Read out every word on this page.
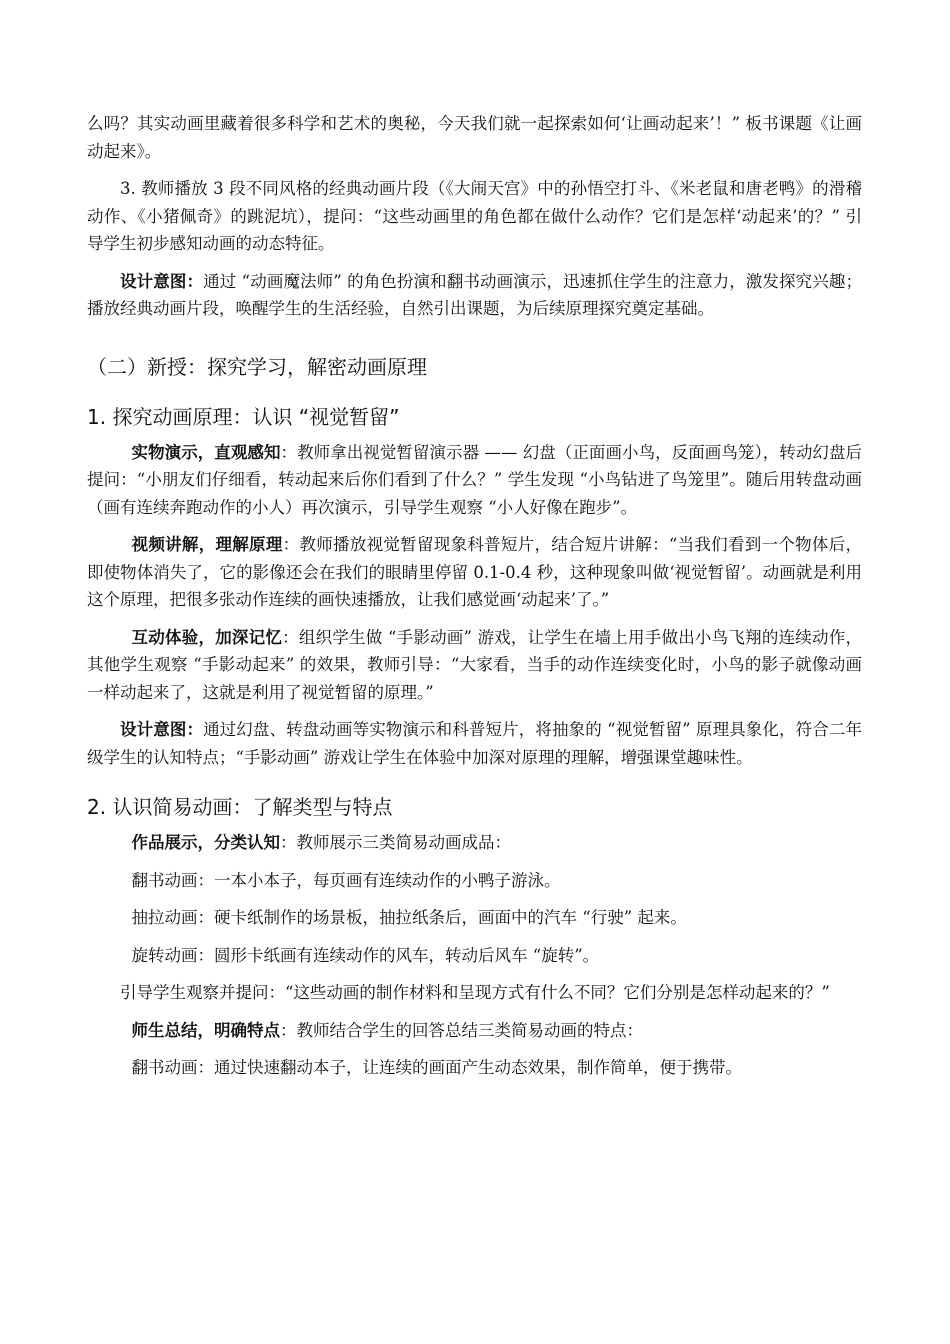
么吗？其实动画里藏着很多科学和艺术的奥秘，今天我们就一起探索如何‘让画动起来’！” 板书课题《让画动起来》。

3. 教师播放 3 段不同风格的经典动画片段（《大闹天宫》中的孙悟空打斗、《米老鼠和唐老鸭》的滑稽动作、《小猪佩奇》的跳泥坑），提问：“这些动画里的角色都在做什么动作？它们是怎样‘动起来’的？” 引导学生初步感知动画的动态特征。

设计意图：通过 “动画魔法师” 的角色扮演和翻书动画演示，迅速抓住学生的注意力，激发探究兴趣；播放经典动画片段，唤醒学生的生活经验，自然引出课题，为后续原理探究奠定基础。

（二）新授：探究学习，解密动画原理
1. 探究动画原理：认识 “视觉暂留”

实物演示，直观感知：教师拿出视觉暂留演示器 —— 幻盘（正面画小鸟，反面画鸟笼），转动幻盘后提问：“小朋友们仔细看，转动起来后你们看到了什么？” 学生发现 “小鸟钻进了鸟笼里”。随后用转盘动画（画有连续奔跑动作的小人）再次演示，引导学生观察 “小人好像在跑步”。

视频讲解，理解原理：教师播放视觉暂留现象科普短片，结合短片讲解：“当我们看到一个物体后，即使物体消失了，它的影像还会在我们的眼睛里停留 0.1-0.4 秒，这种现象叫做‘视觉暂留’。动画就是利用这个原理，把很多张动作连续的画快速播放，让我们感觉画‘动起来’了。”

互动体验，加深记忆：组织学生做 “手影动画” 游戏，让学生在墙上用手做出小鸟飞翔的连续动作，其他学生观察 “手影动起来” 的效果，教师引导：“大家看，当手的动作连续变化时，小鸟的影子就像动画一样动起来了，这就是利用了视觉暂留的原理。”

设计意图：通过幻盘、转盘动画等实物演示和科普短片，将抽象的 “视觉暂留” 原理具象化，符合二年级学生的认知特点；“手影动画” 游戏让学生在体验中加深对原理的理解，增强课堂趣味性。

2. 认识简易动画：了解类型与特点

作品展示，分类认知：教师展示三类简易动画成品：

翻书动画：一本小本子，每页画有连续动作的小鸭子游泳。

抽拉动画：硬卡纸制作的场景板，抽拉纸条后，画面中的汽车 “行驶” 起来。

旋转动画：圆形卡纸画有连续动作的风车，转动后风车 “旋转”。

引导学生观察并提问：“这些动画的制作材料和呈现方式有什么不同？它们分别是怎样动起来的？”

师生总结，明确特点：教师结合学生的回答总结三类简易动画的特点：

翻书动画：通过快速翻动本子，让连续的画面产生动态效果，制作简单，便于携带。
